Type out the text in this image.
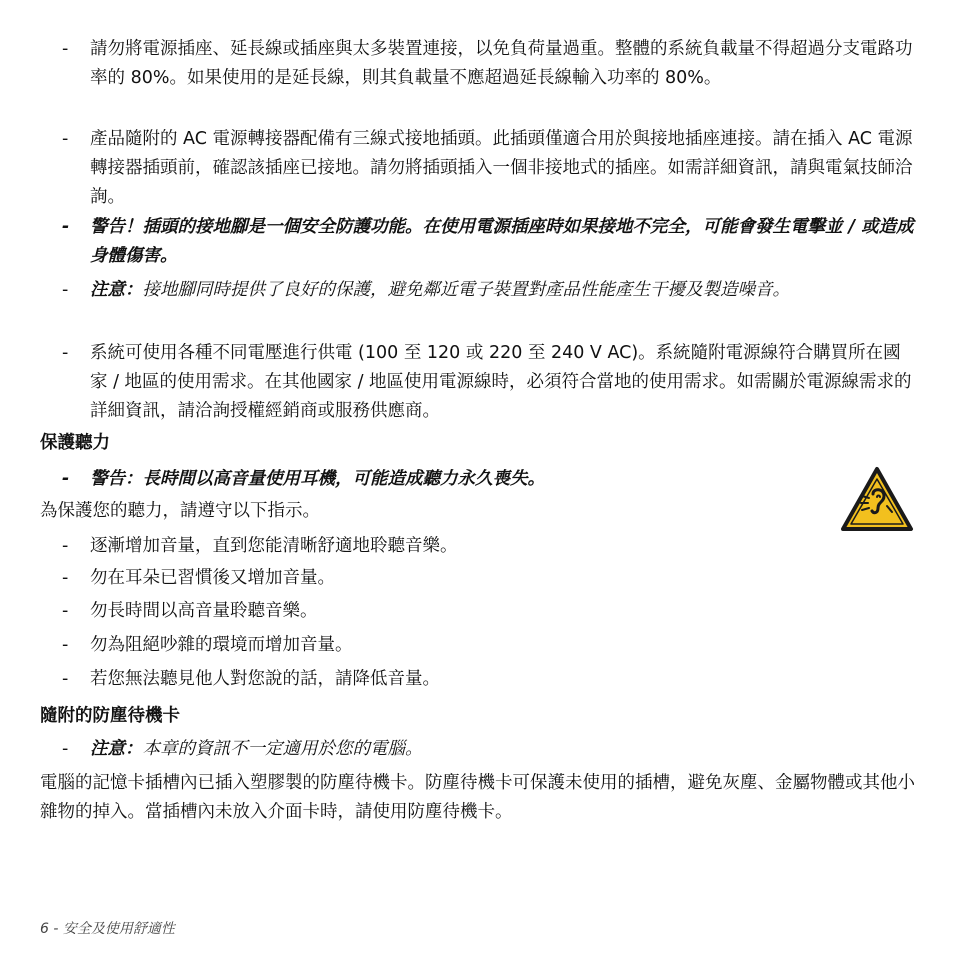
-	請勿將電源插座、延長線或插座與太多裝置連接，以免負荷量過重。整體的系統負載量不得超過分支電路功率的 80%。如果使用的是延長線，則其負載量不應超過延長線輸入功率的 80%。
-	產品隨附的 AC 電源轉接器配備有三線式接地插頭。此插頭僅適合用於與接地插座連接。請在插入 AC 電源轉接器插頭前，確認該插座已接地。請勿將插頭插入一個非接地式的插座。如需詳細資訊，請與電氣技師洽詢。
-	警告！插頭的接地腳是一個安全防護功能。在使用電源插座時如果接地不完全，可能會發生電擊並 / 或造成身體傷害。
-	注意：接地腳同時提供了良好的保護，避免鄰近電子裝置對產品性能產生干擾及製造噪音。
-	系統可使用各種不同電壓進行供電 (100 至 120 或 220 至 240 V AC)。系統隨附電源線符合購買所在國家 / 地區的使用需求。在其他國家 / 地區使用電源線時，必須符合當地的使用需求。如需關於電源線需求的詳細資訊，請洽詢授權經銷商或服務供應商。
保護聽力
-	警告：長時間以高音量使用耳機，可能造成聽力永久喪失。
為保護您的聽力，請遵守以下指示。
-	逐漸增加音量，直到您能清晰舒適地聆聽音樂。
-	勿在耳朵已習慣後又增加音量。
-	勿長時間以高音量聆聽音樂。
-	勿為阻絕吵雜的環境而增加音量。
-	若您無法聽見他人對您說的話，請降低音量。
隨附的防塵待機卡
-	注意：本章的資訊不一定適用於您的電腦。
電腦的記憶卡插槽內已插入塑膠製的防塵待機卡。防塵待機卡可保護未使用的插槽，避免灰塵、金屬物體或其他小雜物的掉入。當插槽內未放入介面卡時，請使用防塵待機卡。
6 - 安全及使用舒適性
